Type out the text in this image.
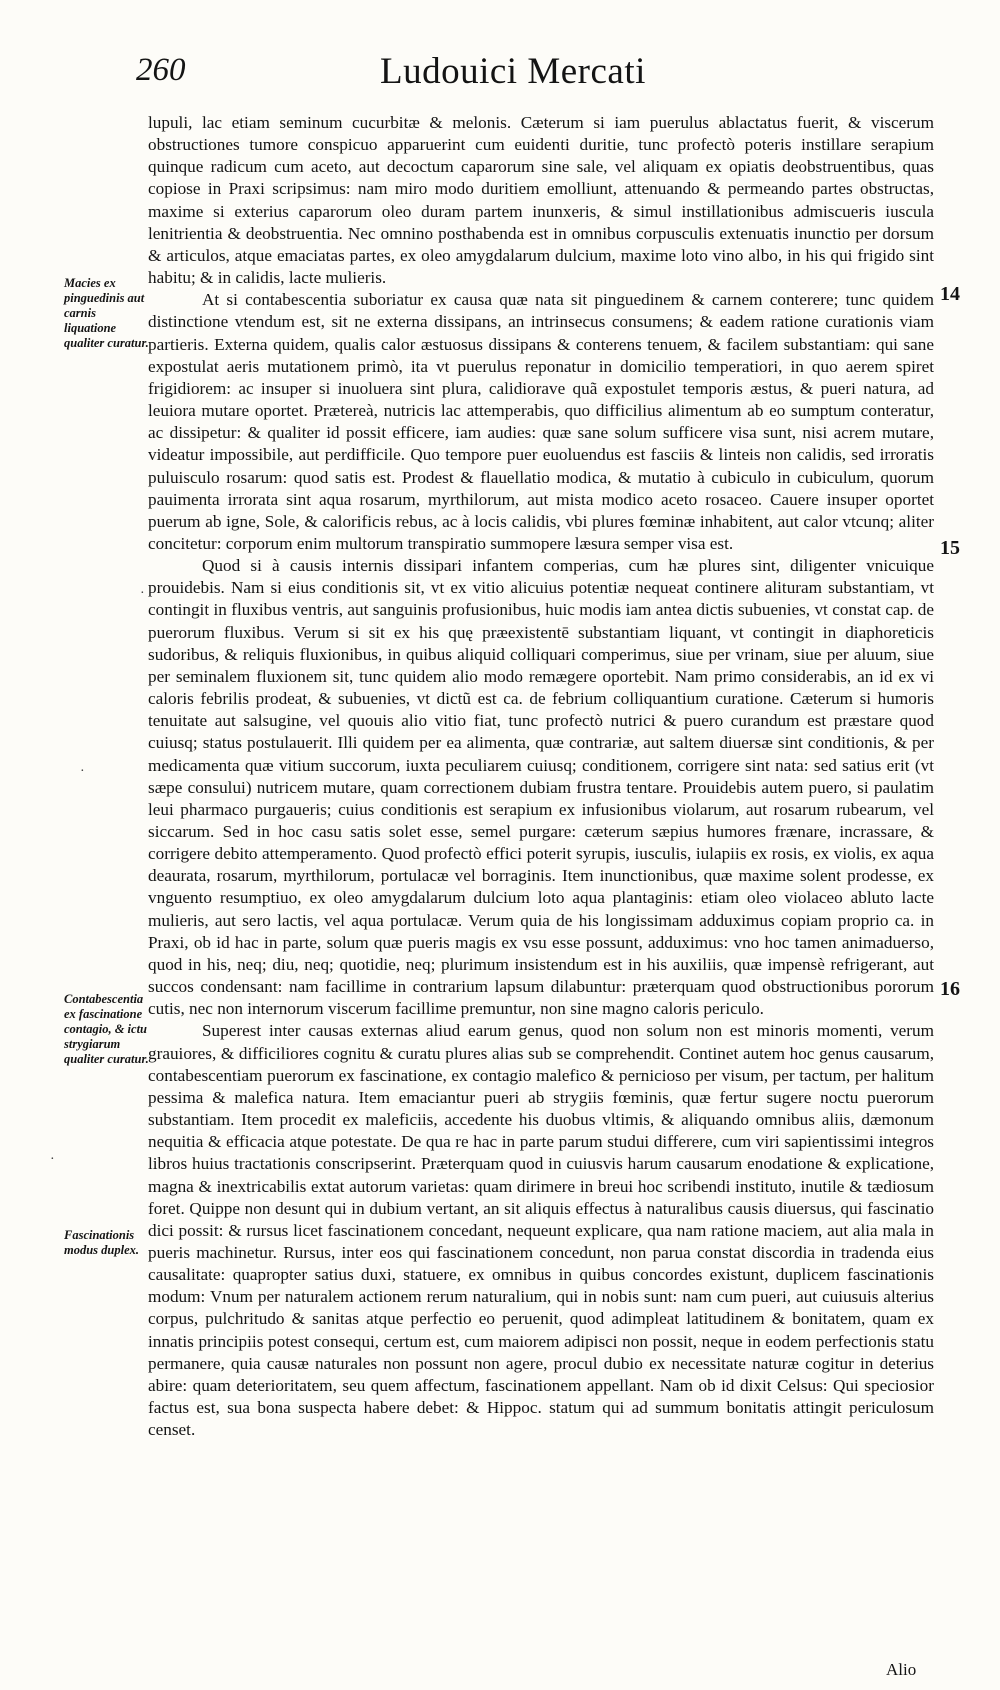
260	Ludouici Mercati

lupuli, lac etiam seminum cucurbitæ & melonis. Cæterum si iam puerulus ablactatus fuerit, & viscerum obstructiones tumore conspicuo apparuerint cum euidenti duritie, tunc profectò poteris instillare serapium quinque radicum cum aceto, aut decoctum caparorum sine sale, vel aliquam ex opiatis deobstruentibus, quas copiose in Praxi scripsimus: nam miro modo duritiem emolliunt, attenuando & permeando partes obstructas, maxime si exterius caparorum oleo duram partem inunxeris, & simul instillationibus admiscueris iuscula lenitrientia & deobstruentia. Nec omnino posthabenda est in omnibus corpusculis extenuatis inunctio per dorsum & articulos, atque emaciatas partes, ex oleo amygdalarum dulcium, maxime loto vino albo, in his qui frigido sint habitu; & in calidis, lacte mulieris.

At si contabescentia suboriatur ex causa quæ nata sit pinguedinem & carnem conterere; tunc quidem distinctione vtendum est, sit ne externa dissipans, an intrinsecus consumens; & eadem ratione curationis viam partieris. Externa quidem, qualis calor æstuosus dissipans & conterens tenuem, & facilem substantiam: qui sane expostulat aeris mutationem primò, ita vt puerulus reponatur in domicilio temperatiori, in quo aerem spiret frigidiorem: ac insuper si inuoluera sint plura, calidiorave quã expostulet temporis æstus, & pueri natura, ad leuiora mutare oportet. Prætereà, nutricis lac attemperabis, quo difficilius alimentum ab eo sumptum conteratur, ac dissipetur: & qualiter id possit efficere, iam audies: quæ sane solum sufficere visa sunt, nisi acrem mutare, videatur impossibile, aut perdifficile. Quo tempore puer euoluendus est fasciis & linteis non calidis, sed irroratis puluisculo rosarum: quod satis est. Prodest & flauellatio modica, & mutatio à cubiculo in cubiculum, quorum pauimenta irrorata sint aqua rosarum, myrthilorum, aut mista modico aceto rosaceo. Cauere insuper oportet puerum ab igne, Sole, & calorificis rebus, ac à locis calidis, vbi plures fœminæ inhabitent, aut calor vtcunq; aliter concitetur: corporum enim multorum transpiratio summopere læsura semper visa est.

Quod si à causis internis dissipari infantem comperias, cum hæ plures sint, diligenter vnicuique prouidebis. Nam si eius conditionis sit, vt ex vitio alicuius potentiæ nequeat continere alituram substantiam, vt contingit in fluxibus ventris, aut sanguinis profusionibus, huic modis iam antea dictis subuenies, vt constat cap. de puerorum fluxibus. Verum si sit ex his quę præexistentē substantiam liquant, vt contingit in diaphoreticis sudoribus, & reliquis fluxionibus, in quibus aliquid colliquari comperimus, siue per vrinam, siue per aluum, siue per seminalem fluxionem sit, tunc quidem alio modo remægere oportebit. Nam primo considerabis, an id ex vi caloris febrilis prodeat, & subuenies, vt dictũ est ca. de febrium colliquantium curatione. Cæterum si humoris tenuitate aut salsugine, vel quouis alio vitio fiat, tunc profectò nutrici & puero curandum est præstare quod cuiusq; status postulauerit. Illi quidem per ea alimenta, quæ contrariæ, aut saltem diuersæ sint conditionis, & per medicamenta quæ vitium succorum, iuxta peculiarem cuiusq; conditionem, corrigere sint nata: sed satius erit (vt sæpe consului) nutricem mutare, quam correctionem dubiam frustra tentare. Prouidebis autem puero, si paulatim leui pharmaco purgaueris; cuius conditionis est serapium ex infusionibus violarum, aut rosarum rubearum, vel siccarum. Sed in hoc casu satis solet esse, semel purgare: cæterum sæpius humores frænare, incrassare, & corrigere debito attemperamento. Quod profectò effici poterit syrupis, iusculis, iulapiis ex rosis, ex violis, ex aqua deaurata, rosarum, myrthilorum, portulacæ vel borraginis. Item inunctionibus, quæ maxime solent prodesse, ex vnguento resumptiuo, ex oleo amygdalarum dulcium loto aqua plantaginis: etiam oleo violaceo abluto lacte mulieris, aut sero lactis, vel aqua portulacæ. Verum quia de his longissimam adduximus copiam proprio ca. in Praxi, ob id hac in parte, solum quæ pueris magis ex vsu esse possunt, adduximus: vno hoc tamen animaduerso, quod in his, neq; diu, neq; quotidie, neq; plurimum insistendum est in his auxiliis, quæ impensè refrigerant, aut succos condensant: nam facillime in contrarium lapsum dilabuntur: præterquam quod obstructionibus pororum cutis, nec non internorum viscerum facillime premuntur, non sine magno caloris periculo.

Superest inter causas externas aliud earum genus, quod non solum non est minoris momenti, verum grauiores, & difficiliores cognitu & curatu plures alias sub se comprehendit. Continet autem hoc genus causarum, contabescentiam puerorum ex fascinatione, ex contagio malefico & pernicioso per visum, per tactum, per halitum pessima & malefica natura. Item emaciantur pueri ab strygiis fœminis, quæ fertur sugere noctu puerorum substantiam. Item procedit ex maleficiis, accedente his duobus vltimis, & aliquando omnibus aliis, dæmonum nequitia & efficacia atque potestate. De qua re hac in parte parum studui differere, cum viri sapientissimi integros libros huius tractationis conscripserint. Præterquam quod in cuiusvis harum causarum enodatione & explicatione, magna & inextricabilis extat autorum varietas: quam dirimere in breui hoc scribendi instituto, inutile & tædiosum foret. Quippe non desunt qui in dubium vertant, an sit aliquis effectus à naturalibus causis diuersus, qui fascinatio dici possit: & rursus licet fascinationem concedant, nequeunt explicare, qua nam ratione maciem, aut alia mala in pueris machinetur. Rursus, inter eos qui fascinationem concedunt, non parua constat discordia in tradenda eius causalitate: quapropter satius duxi, statuere, ex omnibus in quibus concordes existunt, duplicem fascinationis modum: Vnum per naturalem actionem rerum naturalium, qui in nobis sunt: nam cum pueri, aut cuiusuis alterius corpus, pulchritudo & sanitas atque perfectio eo peruenit, quod adimpleat latitudinem & bonitatem, quam ex innatis principiis potest consequi, certum est, cum maiorem adipisci non possit, neque in eodem perfectionis statu permanere, quia causæ naturales non possunt non agere, procul dubio ex necessitate naturæ cogitur in deterius abire: quam deterioritatem, seu quem affectum, fascinationem appellant. Nam ob id dixit Celsus: Qui speciosior factus est, sua bona suspecta habere debet: & Hippoc. statum qui ad summum bonitatis attingit periculosum censet.

14
15
16
Macies ex pinguedinis aut carnis liquatione qualiter curatur.
Contabescentia ex fascinatione contagio, & ictu strygiarum qualiter curatur.
Fascinationis modus duplex.
·
·
·
Alio
